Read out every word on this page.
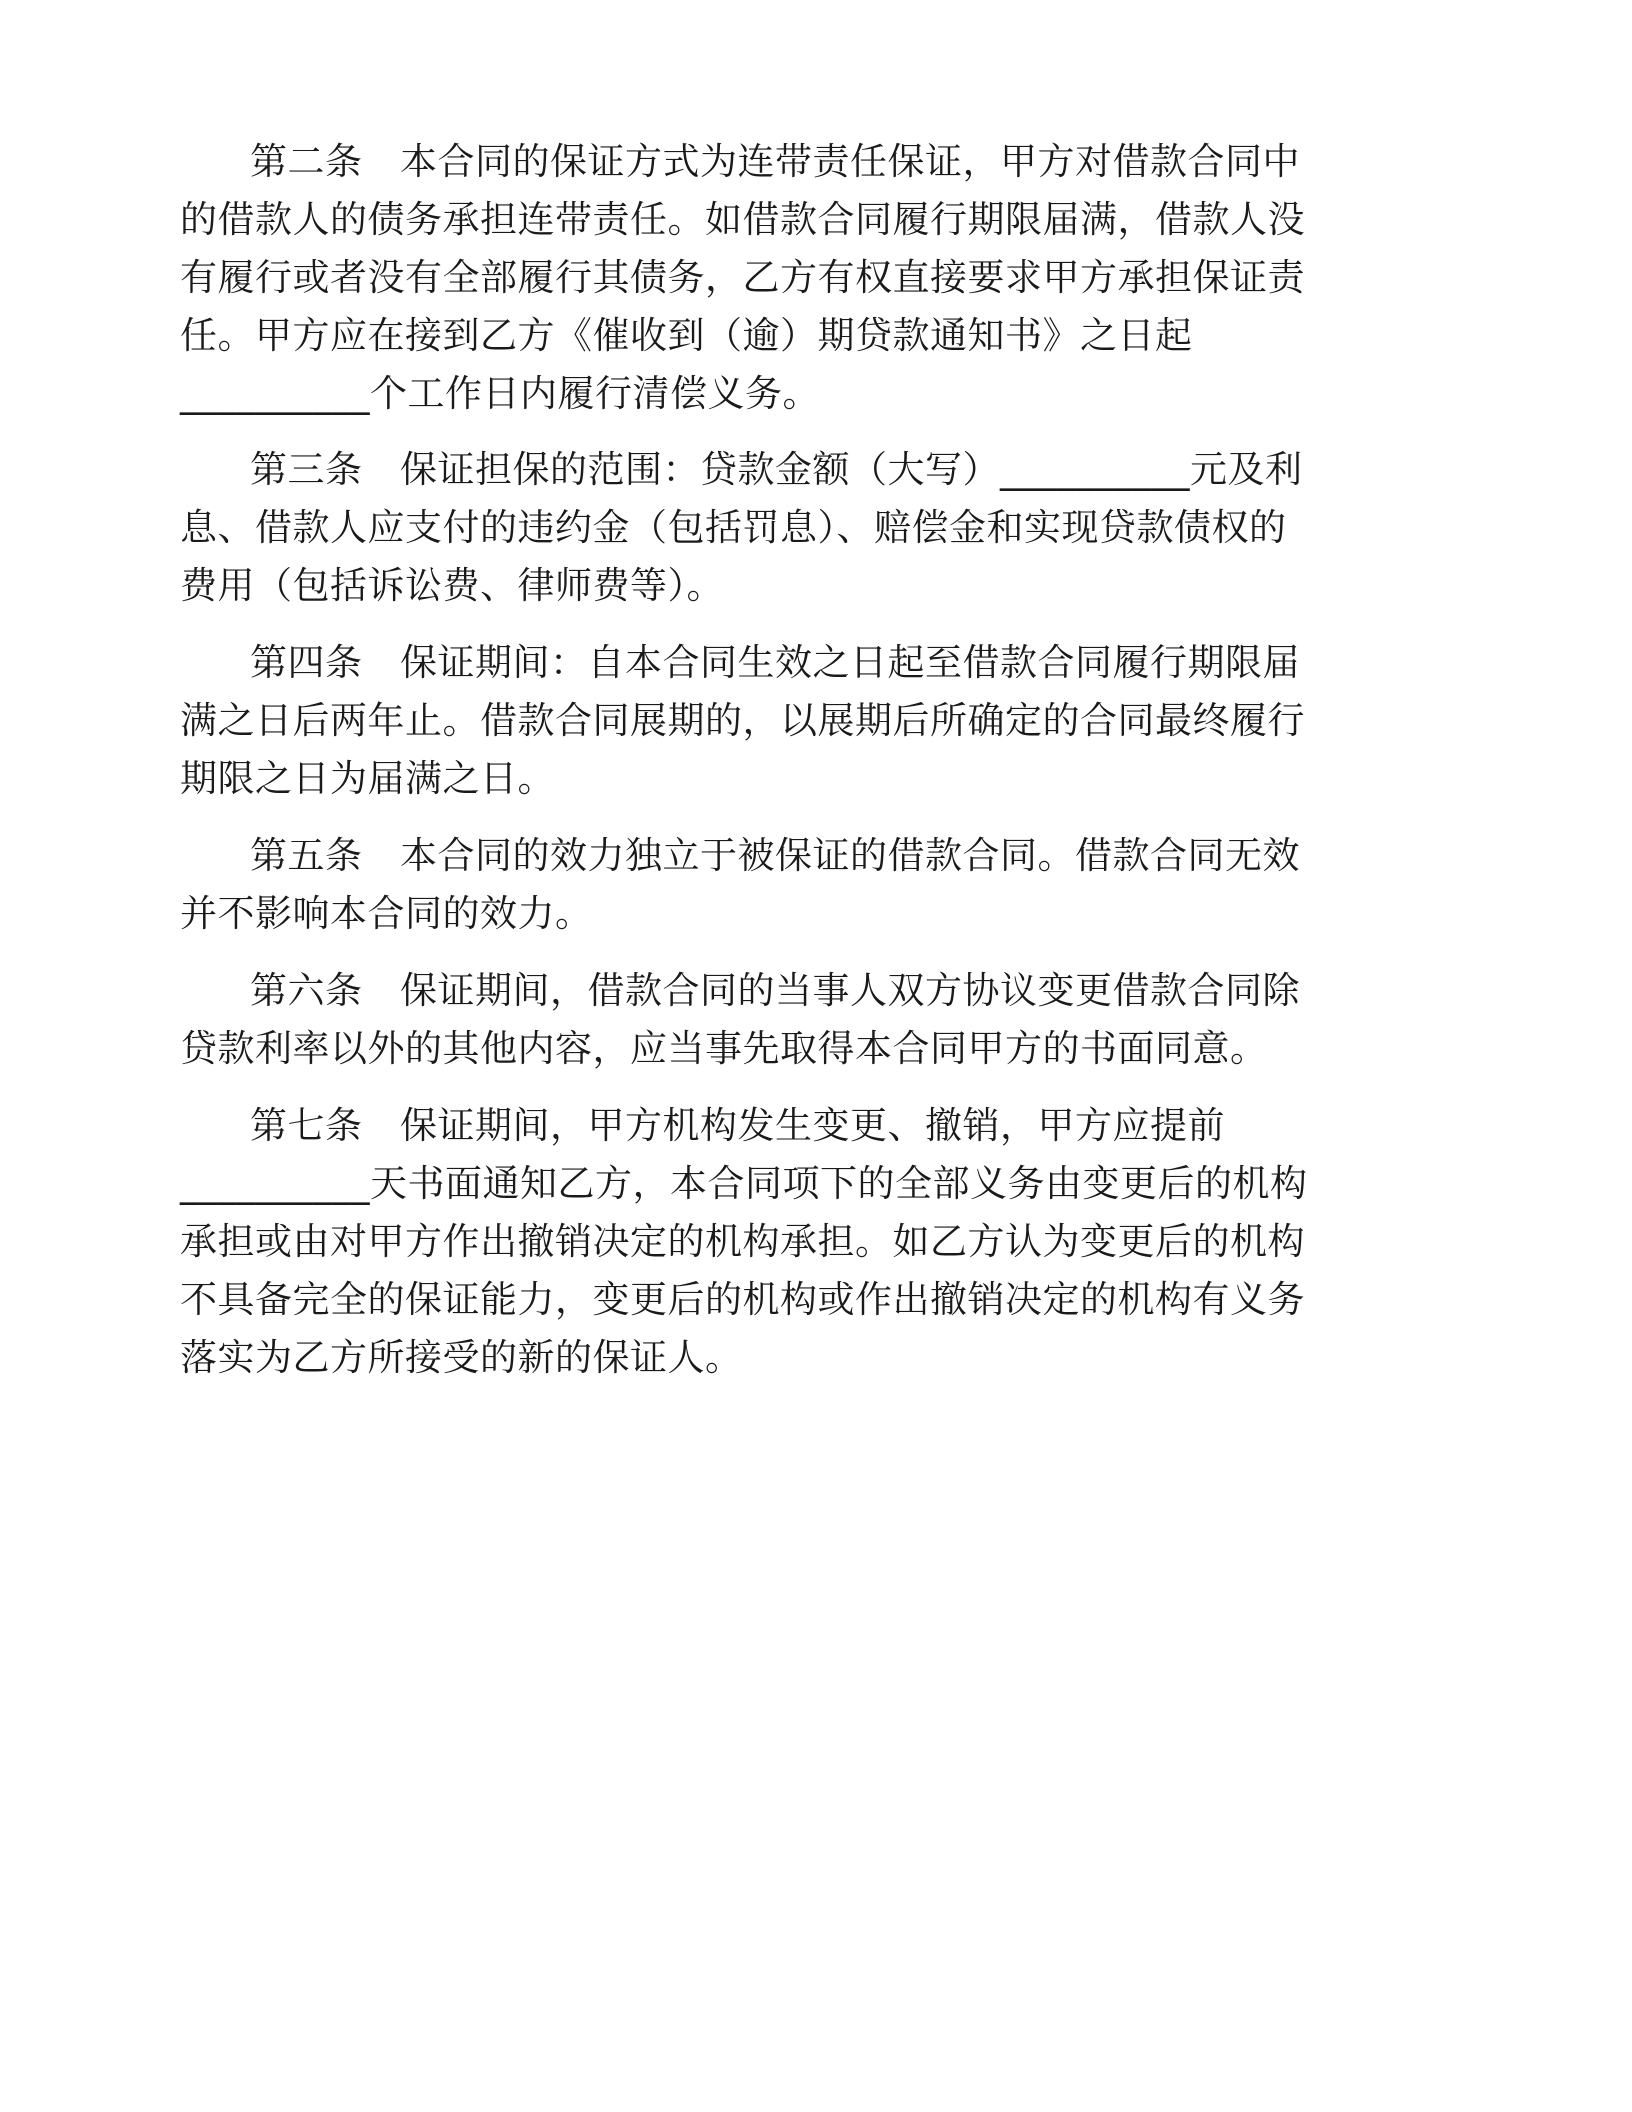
第二条　本合同的保证方式为连带责任保证，甲方对借款合同中
的借款人的债务承担连带责任。如借款合同履行期限届满，借款人没
有履行或者没有全部履行其债务，乙方有权直接要求甲方承担保证责
任。甲方应在接到乙方《催收到（逾）期贷款通知书》之日起
__________个工作日内履行清偿义务。
第三条　保证担保的范围：贷款金额（大写）__________元及利
息、借款人应支付的违约金（包括罚息）、赔偿金和实现贷款债权的
费用（包括诉讼费、律师费等）。
第四条　保证期间：自本合同生效之日起至借款合同履行期限届
满之日后两年止。借款合同展期的，以展期后所确定的合同最终履行
期限之日为届满之日。
第五条　本合同的效力独立于被保证的借款合同。借款合同无效
并不影响本合同的效力。
第六条　保证期间，借款合同的当事人双方协议变更借款合同除
贷款利率以外的其他内容，应当事先取得本合同甲方的书面同意。
第七条　保证期间，甲方机构发生变更、撤销，甲方应提前
__________天书面通知乙方，本合同项下的全部义务由变更后的机构
承担或由对甲方作出撤销决定的机构承担。如乙方认为变更后的机构
不具备完全的保证能力，变更后的机构或作出撤销决定的机构有义务
落实为乙方所接受的新的保证人。
